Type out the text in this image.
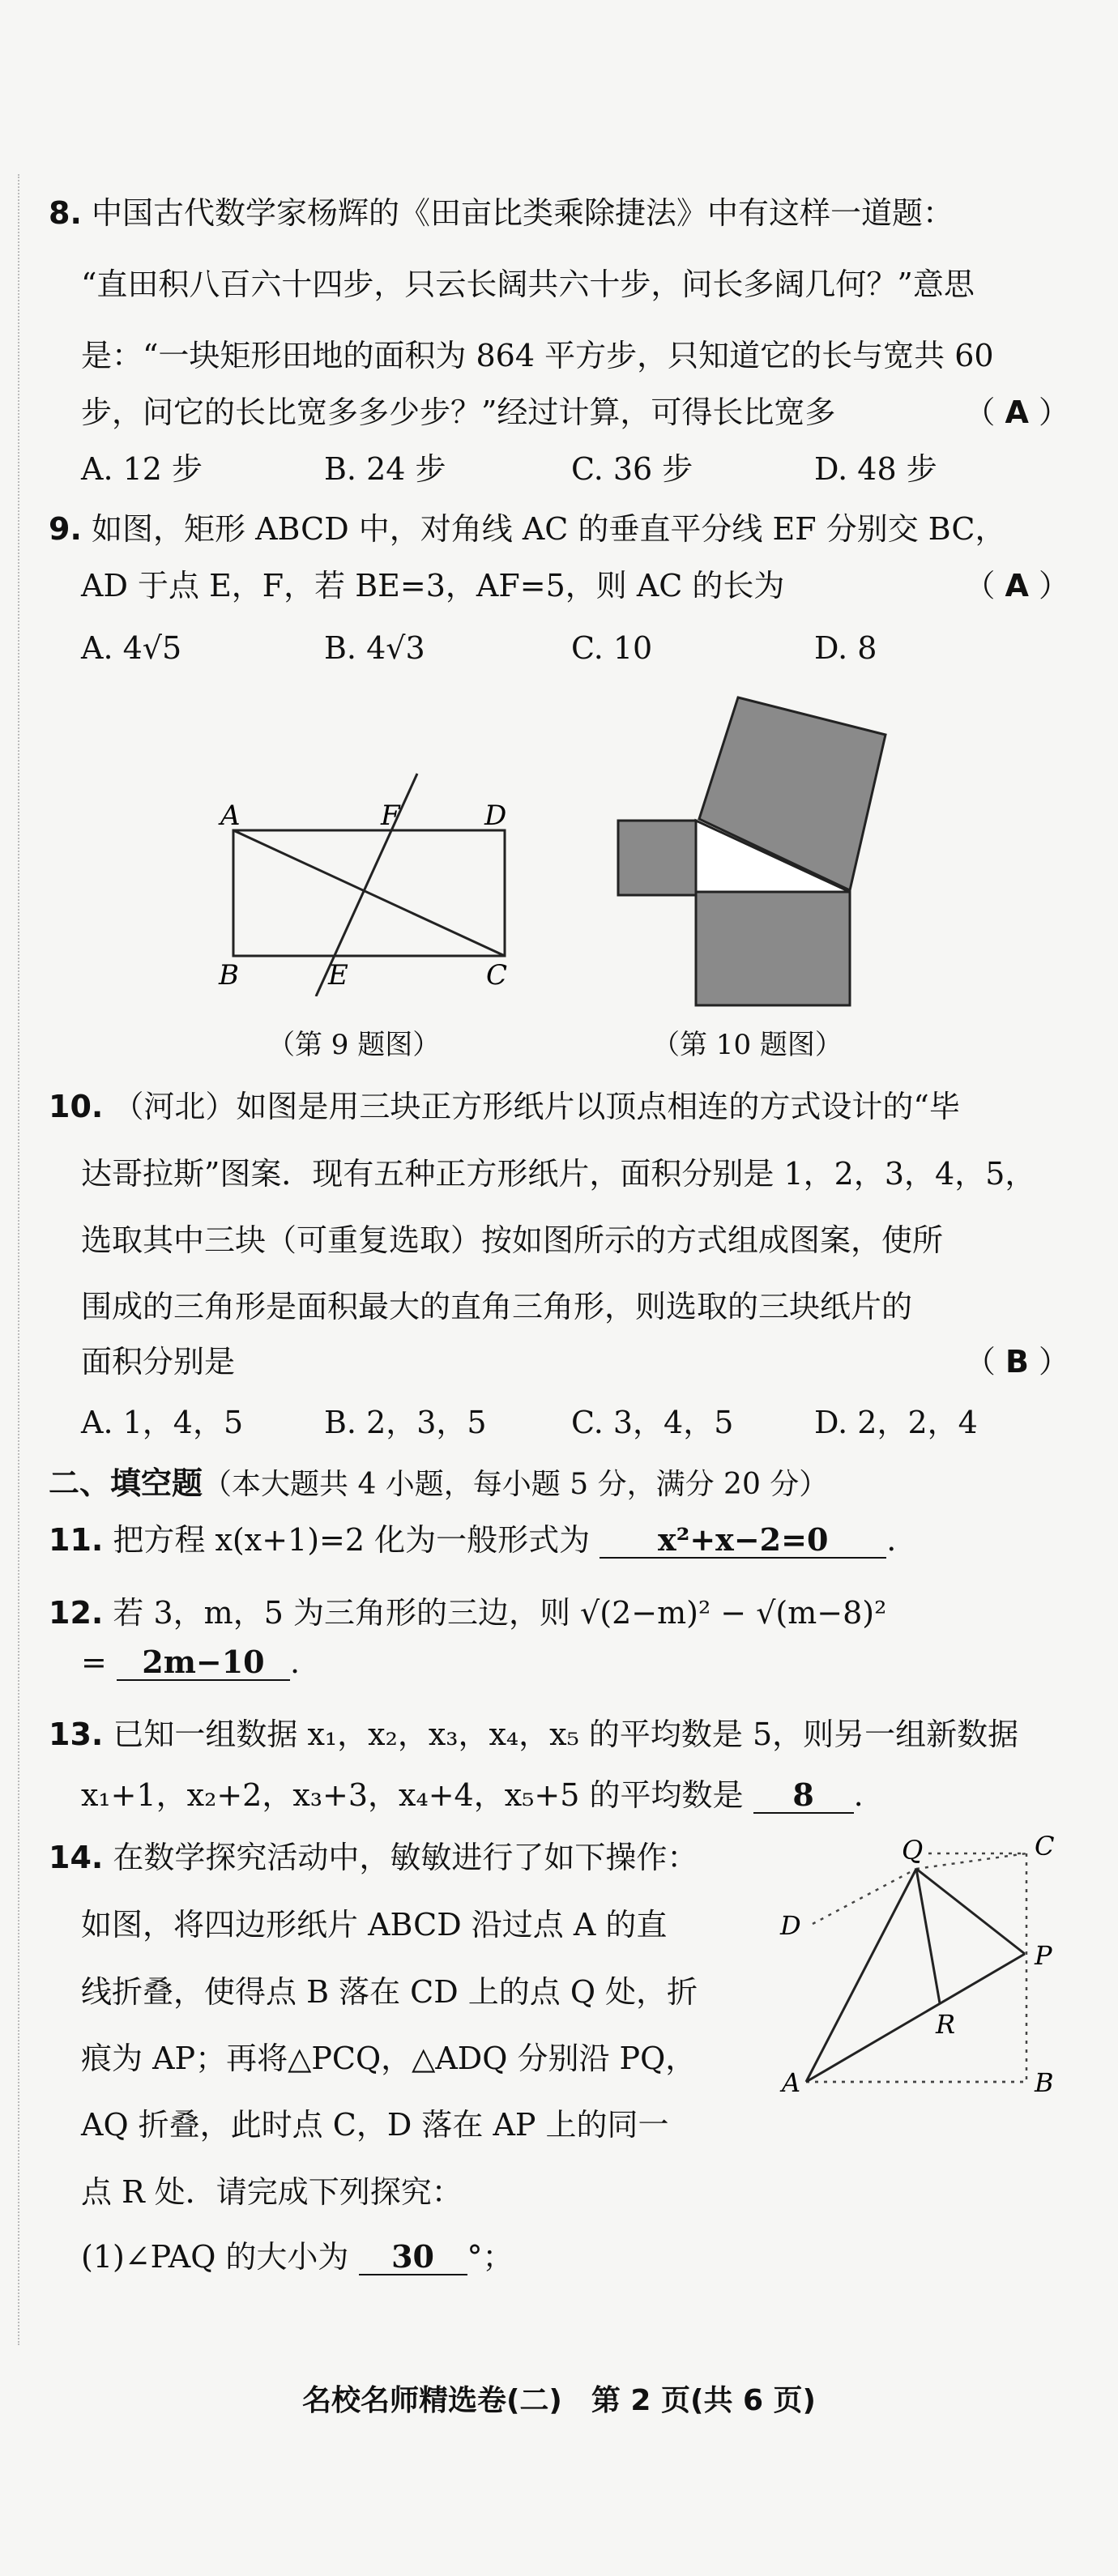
8. 中国古代数学家杨辉的《田亩比类乘除捷法》中有这样一道题：
“直田积八百六十四步，只云长阔共六十步，问长多阔几何？”意思
是：“一块矩形田地的面积为 864 平方步，只知道它的长与宽共 60
步，问它的长比宽多多少步？”经过计算，可得长比宽多	（ A ）
A. 12 步	B. 24 步	C. 36 步	D. 48 步
9. 如图，矩形 ABCD 中，对角线 AC 的垂直平分线 EF 分别交 BC，
AD 于点 E，F，若 BE=3，AF=5，则 AC 的长为	（ A ）
A. 4√5	B. 4√3	C. 10	D. 8
A	F	D
B	E	C
（第 9 题图）	（第 10 题图）
10. （河北）如图是用三块正方形纸片以顶点相连的方式设计的“毕
达哥拉斯”图案．现有五种正方形纸片，面积分别是 1，2，3，4，5，
选取其中三块（可重复选取）按如图所示的方式组成图案，使所
围成的三角形是面积最大的直角三角形，则选取的三块纸片的
面积分别是	（ B ）
A. 1，4，5	B. 2，3，5	C. 3，4，5	D. 2，2，4
二、填空题（本大题共 4 小题，每小题 5 分，满分 20 分）
11. 把方程 x(x+1)=2 化为一般形式为 x²+x−2=0 .
12. 若 3，m，5 为三角形的三边，则 √(2−m)² − √(m−8)²
= 2m−10 .
13. 已知一组数据 x₁，x₂，x₃，x₄，x₅ 的平均数是 5，则另一组新数据
x₁+1，x₂+2，x₃+3，x₄+4，x₅+5 的平均数是 8 .
14. 在数学探究活动中，敏敏进行了如下操作：
如图，将四边形纸片 ABCD 沿过点 A 的直
线折叠，使得点 B 落在 CD 上的点 Q 处，折
痕为 AP；再将△PCQ，△ADQ 分别沿 PQ，
AQ 折叠，此时点 C，D 落在 AP 上的同一
点 R 处．请完成下列探究：
(1)∠PAQ 的大小为 30 °；
Q	C
D
P
R
A	B
名校名师精选卷(二)　第 2 页(共 6 页)
